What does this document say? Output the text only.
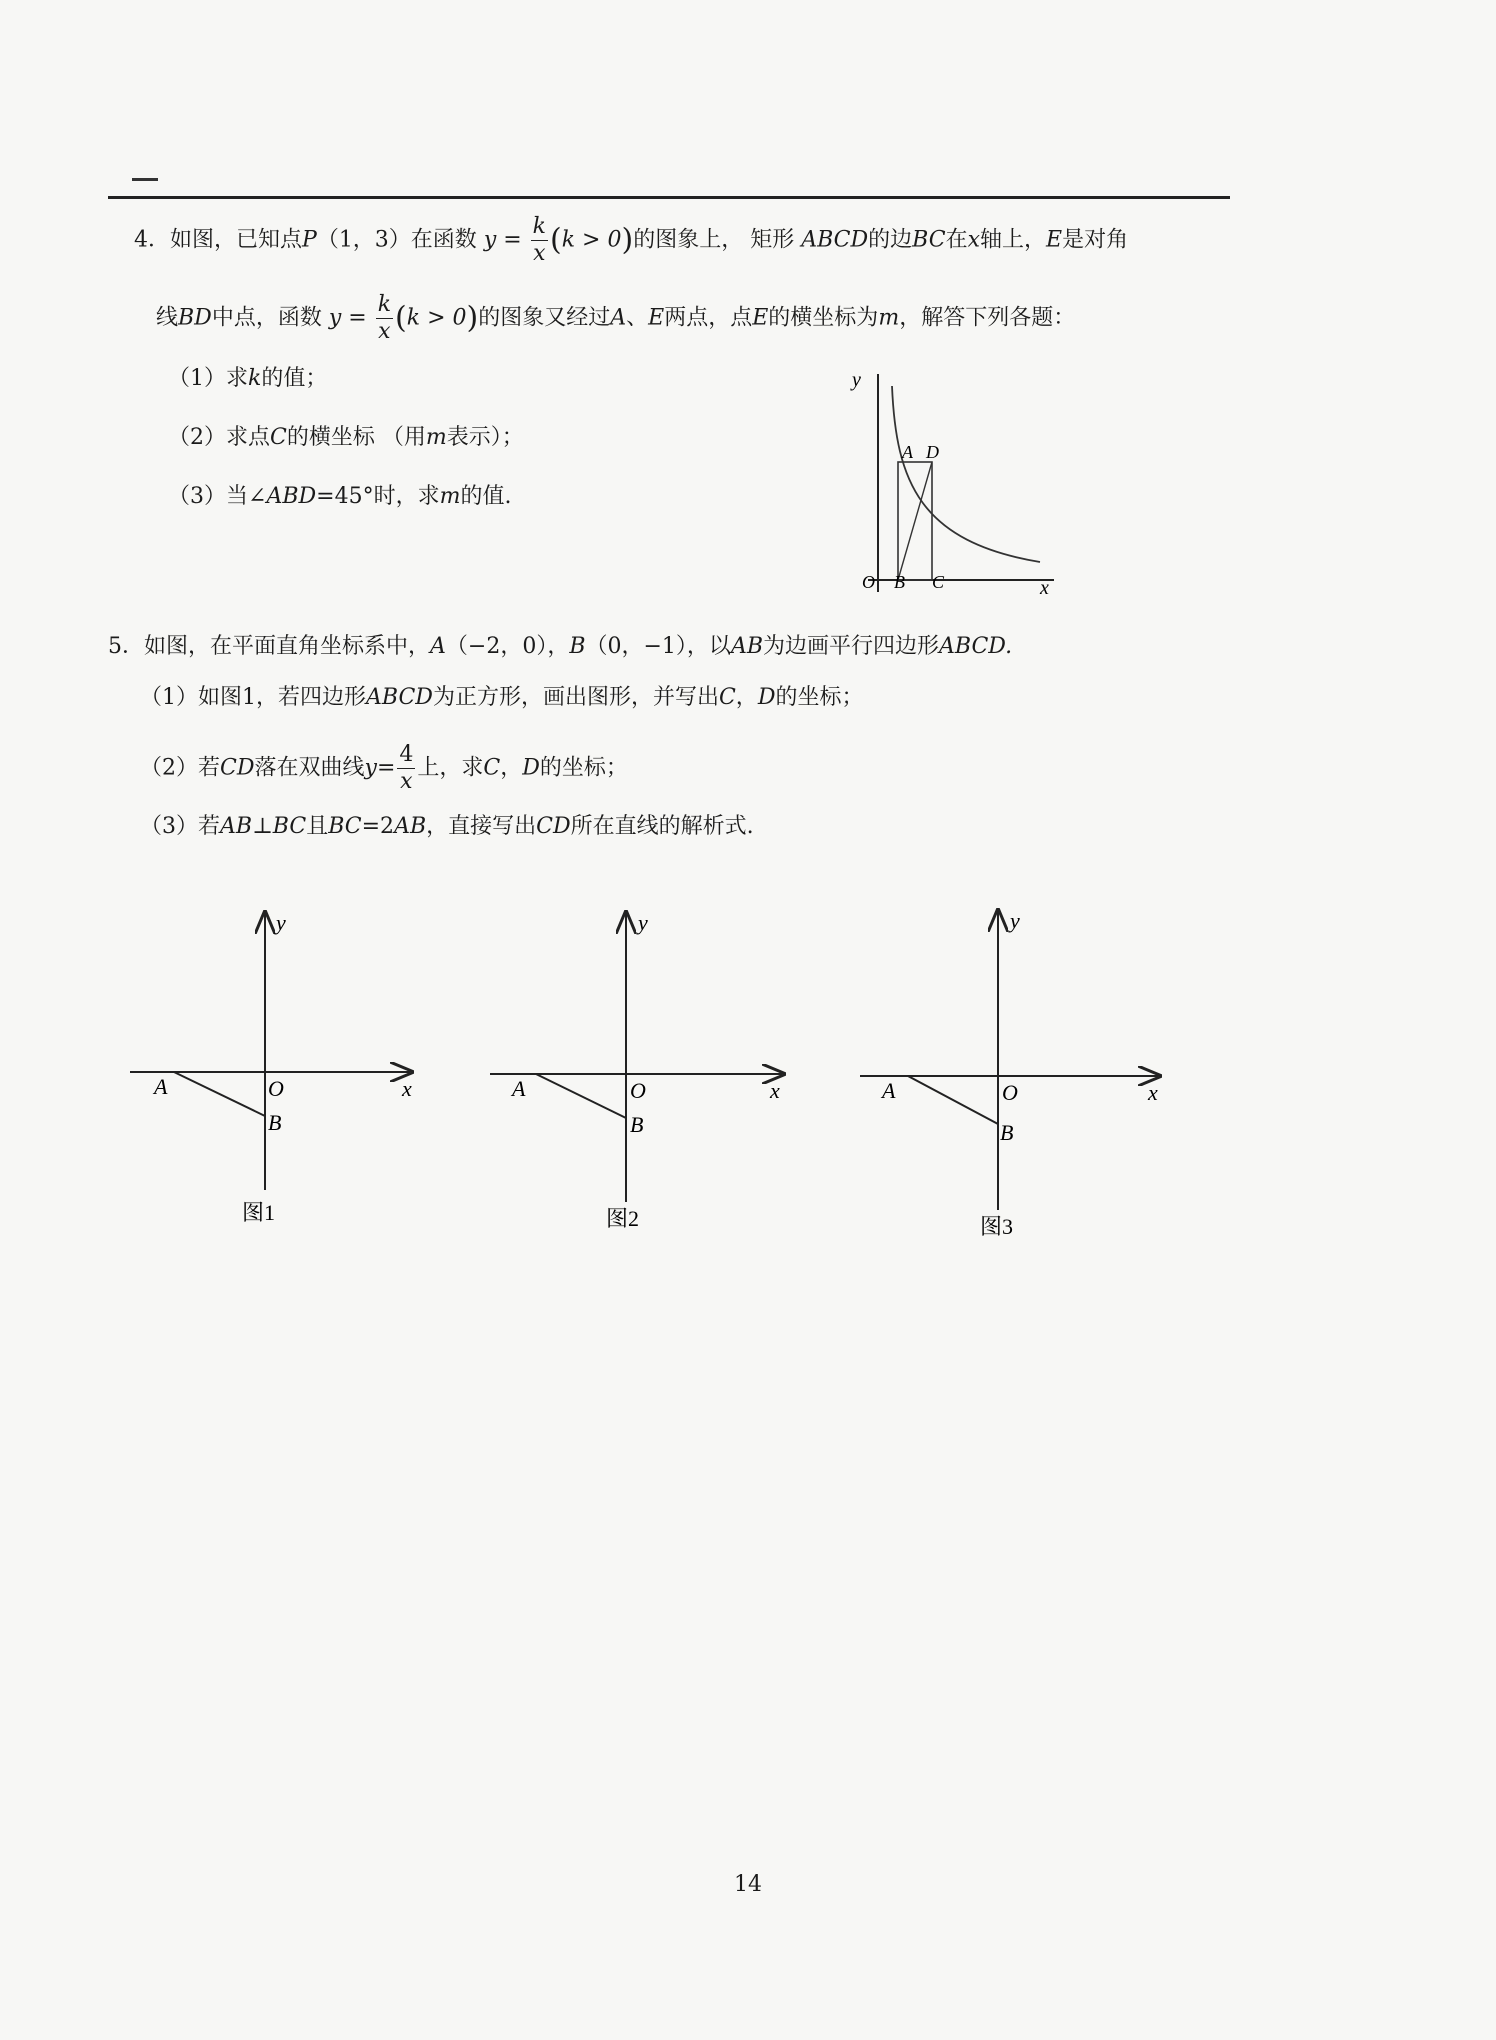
4．如图，已知点P（1，3）在函数 $y = \frac{k}{x} (k > 0)$的图象上， 矩形 ABCD的边BC在x轴上，E是对角
线BD中点，函数 $y = \frac{k}{x} (k > 0)$的图象又经过A、E两点，点E的横坐标为m，解答下列各题：
（1）求k的值；
（2）求点C的横坐标 （用m表示）；
（3）当∠ABD=45°时，求m的值.
y
x
A D
O B C
5．如图，在平面直角坐标系中，A（−2，0），B（0，−1），以AB为边画平行四边形ABCD.
（1）如图1，若四边形ABCD为正方形，画出图形，并写出C，D的坐标；
（2）若CD落在双曲线$y= \frac{4}{x}$ 上，求C，D的坐标；
（3）若AB⊥BC且BC=2AB，直接写出CD所在直线的解析式.
y
x
O
A
B
图1
y
x
O
A
B
图2
y
x
O
A
B
图3
14
